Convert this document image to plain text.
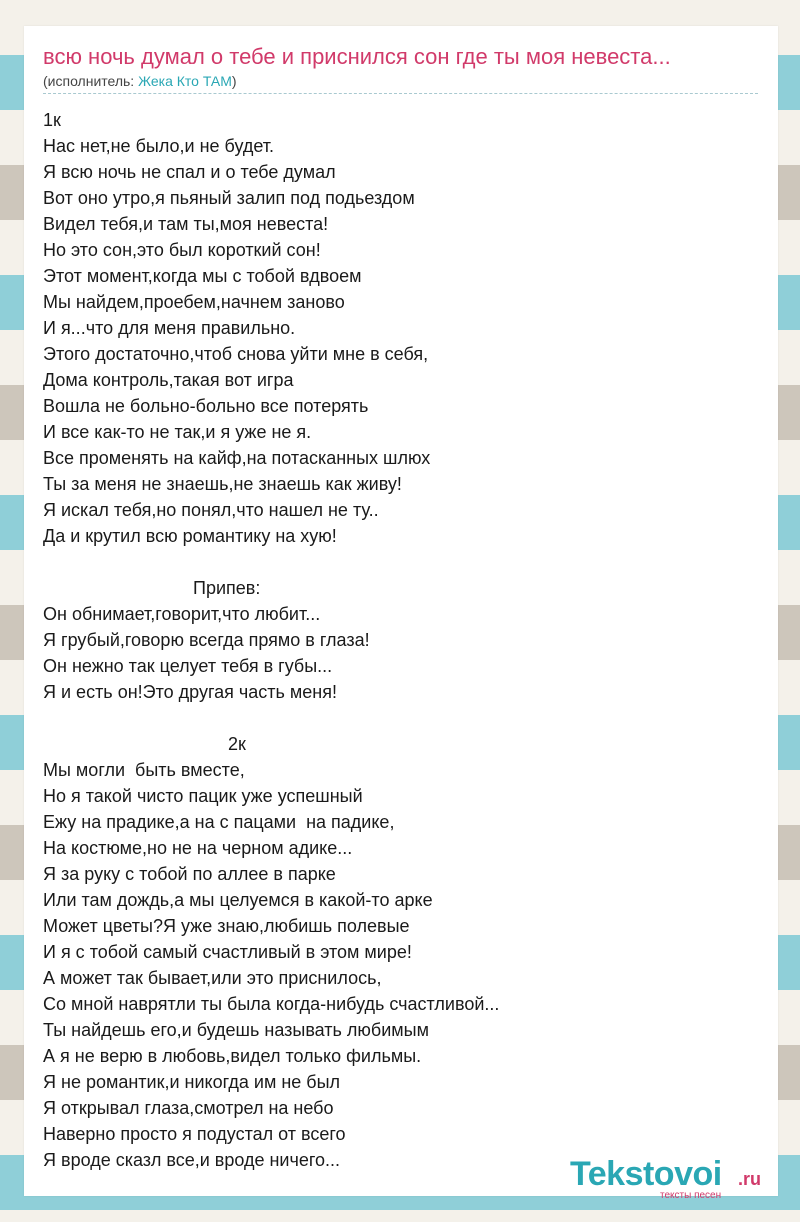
всю ночь думал о тебе и приснился сон где ты моя невеста...
(исполнитель: Жека Кто ТАМ)
1к
Нас нет,не было,и не будет.
Я всю ночь не спал и о тебе думал
Вот оно утро,я пьяный залип под подьездом
Видел тебя,и там ты,моя невеста!
Но это сон,это был короткий сон!
Этот момент,когда мы с тобой вдвоем
Мы найдем,проебем,начнем заново
И я...что для меня правильно.
Этого достаточно,чтоб снова уйти мне в себя,
Дома контроль,такая вот игра
Вошла не больно-больно все потерять
И все как-то не так,и я уже не я.
Все променять на кайф,на потасканных шлюх
Ты за меня не знаешь,не знаешь как живу!
Я искал тебя,но понял,что нашел не ту..
Да и крутил всю романтику на хую!
Припев:
Он обнимает,говорит,что любит...
Я грубый,говорю всегда прямо в глаза!
Он нежно так целует тебя в губы...
Я и есть он!Это другая часть меня!
2к
Мы могли  быть вместе,
Но я такой чисто пацик уже успешный
Ежу на прадике,а на с пацами  на падике,
На костюме,но не на черном адике...
Я за руку с тобой по аллее в парке
Или там дождь,а мы целуемся в какой-то арке
Может цветы?Я уже знаю,любишь полевые
И я с тобой самый счастливый в этом мире!
А может так бывает,или это приснилось,
Со мной наврятли ты была когда-нибудь счастливой...
Ты найдешь его,и будешь называть любимым
А я не верю в любовь,видел только фильмы.
Я не романтик,и никогда им не был
Я открывал глаза,смотрел на небо
Наверно просто я подустал от всего
Я вроде сказл все,и вроде ничего...	Tekstovoi .ru
тексты песен
